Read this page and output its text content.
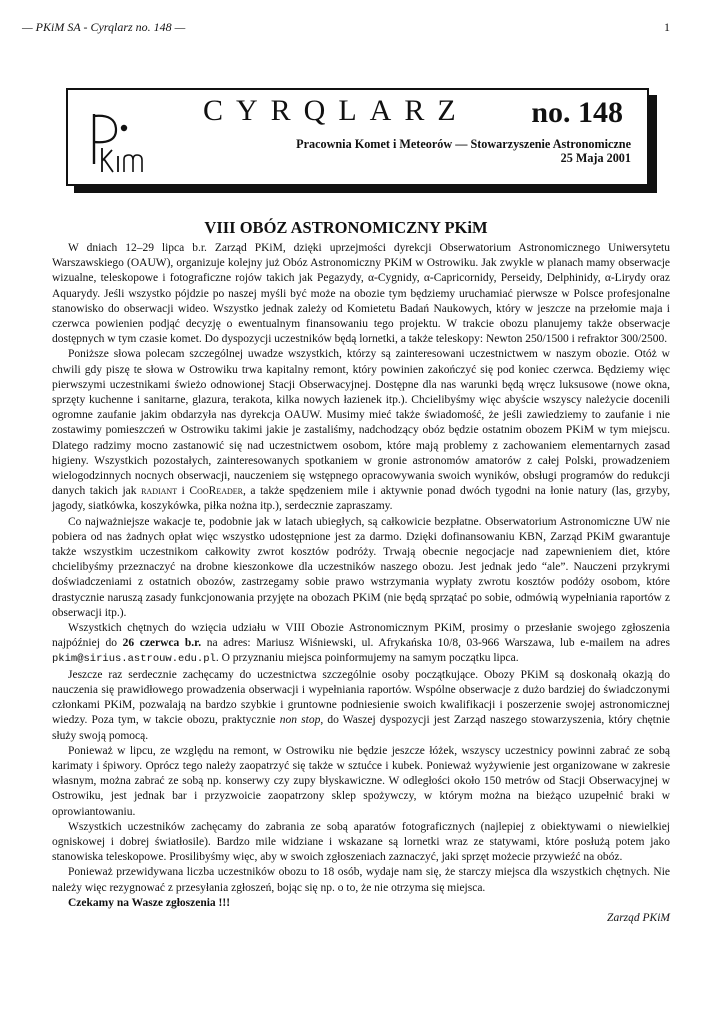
— PKiM SA - Cyrqlarz no. 148 —	1
CYRQLARZ no. 148
Pracownia Komet i Meteorów — Stowarzyszenie Astronomiczne
25 Maja 2001
VIII OBÓZ ASTRONOMICZNY PKiM

W dniach 12–29 lipca b.r. Zarząd PKiM, dzięki uprzejmości dyrekcji Obserwatorium Astronomicznego Uniwersytetu Warszawskiego (OAUW), organizuje kolejny już Obóz Astronomiczny PKiM w Ostrowiku. Jak zwykle w planach mamy obserwacje wizualne, teleskopowe i fotograficzne rojów takich jak Pegazydy, α-Cygnidy, α-Capricornidy, Perseidy, Delphinidy, α-Lirydy oraz Aquarydy. Jeśli wszystko pójdzie po naszej myśli być może na obozie tym będziemy uruchamiać pierwsze w Polsce profesjonalne stanowisko do obserwacji wideo. Wszystko jednak zależy od Komietetu Badań Naukowych, który w jeszcze na przełomie maja i czerwca powienien podjąć decyzję o ewentualnym finansowaniu tego projektu. W trakcie obozu planujemy także obserwacje dostępnych w tym czasie komet. Do dyspozycji uczestników będą lornetki, a także teleskopy: Newton 250/1500 i refraktor 300/2500.

Poniższe słowa polecam szczególnej uwadze wszystkich, którzy są zainteresowani uczestnictwem w naszym obozie. Otóż w chwili gdy piszę te słowa w Ostrowiku trwa kapitalny remont, który powinien zakończyć się pod koniec czerwca. Będziemy więc pierwszymi uczestnikami świeżo odnowionej Stacji Obserwacyjnej. Dostępne dla nas warunki będą wręcz luksusowe (nowe okna, sprzęty kuchenne i sanitarne, glazura, terakota, kilka nowych łazienek itp.). Chcielibyśmy więc abyście wszyscy należycie docenili ogromne zaufanie jakim obdarzyła nas dyrekcja OAUW. Musimy mieć także świadomość, że jeśli zawiedziemy to zaufanie i nie zostawimy pomieszczeń w Ostrowiku takimi jakie je zastaliśmy, nadchodzący obóz będzie ostatnim obozem PKiM w tym miejscu. Dlatego radzimy mocno zastanowić się nad uczestnictwem osobom, które mają problemy z zachowaniem elementarnych zasad higieny. Wszystkich pozostałych, zainteresowanych spotkaniem w gronie astronomów amatorów z całej Polski, prowadzeniem wielogodzinnych nocnych obserwacji, nauczeniem się wstępnego opracowywania swoich wyników, obsługi programów do redukcji danych takich jak radiant i CooReader, a także spędzeniem mile i aktywnie ponad dwóch tygodni na łonie natury (las, grzyby, jagody, siatkówka, koszykówka, piłka nożna itp.), serdecznie zapraszamy.

Co najważniejsze wakacje te, podobnie jak w latach ubiegłych, są całkowicie bezpłatne. Obserwatorium Astronomiczne UW nie pobiera od nas żadnych opłat więc wszystko udostępnione jest za darmo. Dzięki dofinansowaniu KBN, Zarząd PKiM gwarantuje także wszystkim uczestnikom całkowity zwrot kosztów podróży. Trwają obecnie negocjacje nad zapewnieniem diet, które chcielibyśmy przeznaczyć na drobne kieszonkowe dla uczestników naszego obozu. Jest jednak jedo “ale”. Nauczeni przykrymi doświadczeniami z ostatnich obozów, zastrzegamy sobie prawo wstrzymania wypłaty zwrotu kosztów podóży osobom, które drastycznie naruszą zasady funkcjonowania przyjęte na obozach PKiM (nie będą sprzątać po sobie, odmówią wypełniania raportów z obserwacji itp.).

Wszystkich chętnych do wzięcia udziału w VIII Obozie Astronomicznym PKiM, prosimy o przesłanie swojego zgłoszenia najpóźniej do 26 czerwca b.r. na adres: Mariusz Wiśniewski, ul. Afrykańska 10/8, 03-966 Warszawa, lub e-mailem na adres pkim@sirius.astrouw.edu.pl. O przyznaniu miejsca poinformujemy na samym początku lipca.

Jeszcze raz serdecznie zachęcamy do uczestnictwa szczególnie osoby początkujące. Obozy PKiM są doskonałą okazją do nauczenia się prawidłowego prowadzenia obserwacji i wypełniania raportów. Wspólne obserwacje z dużo bardziej do świadczonymi członkami PKiM, pozwalają na bardzo szybkie i gruntowne podniesienie swoich kwalifikacji i poszerzenie swojej astronomicznej wiedzy. Poza tym, w takcie obozu, praktycznie non stop, do Waszej dyspozycji jest Zarząd naszego stowarzyszenia, który chętnie służy swoją pomocą.

Ponieważ w lipcu, ze względu na remont, w Ostrowiku nie będzie jeszcze łóżek, wszyscy uczestnicy powinni zabrać ze sobą karimaty i śpiwory. Oprócz tego należy zaopatrzyć się także w sztućce i kubek. Ponieważ wyżywienie jest organizowane w zakresie własnym, można zabrać ze sobą np. konserwy czy zupy błyskawiczne. W odległości około 150 metrów od Stacji Obserwacyjnej w Ostrowiku, jest jednak bar i przyzwoicie zaopatrzony sklep spożywczy, w którym można na bieżąco uzupełnić braki w oprowiantowaniu.

Wszystkich uczestników zachęcamy do zabrania ze sobą aparatów fotograficznych (najlepiej z obiektywami o niewielkiej ogniskowej i dobrej światłosile). Bardzo mile widziane i wskazane są lornetki wraz ze statywami, które posłużą potem jako stanowiska teleskopowe. Prosilibyśmy więc, aby w swoich zgłoszeniach zaznaczyć, jaki sprzęt możecie przywieźć na obóz.

Ponieważ przewidywana liczba uczestników obozu to 18 osób, wydaje nam się, że starczy miejsca dla wszystkich chętnych. Nie należy więc rezygnować z przesyłania zgłoszeń, bojąc się np. o to, że nie otrzyma się miejsca.

Czekamy na Wasze zgłoszenia !!!

Zarząd PKiM
